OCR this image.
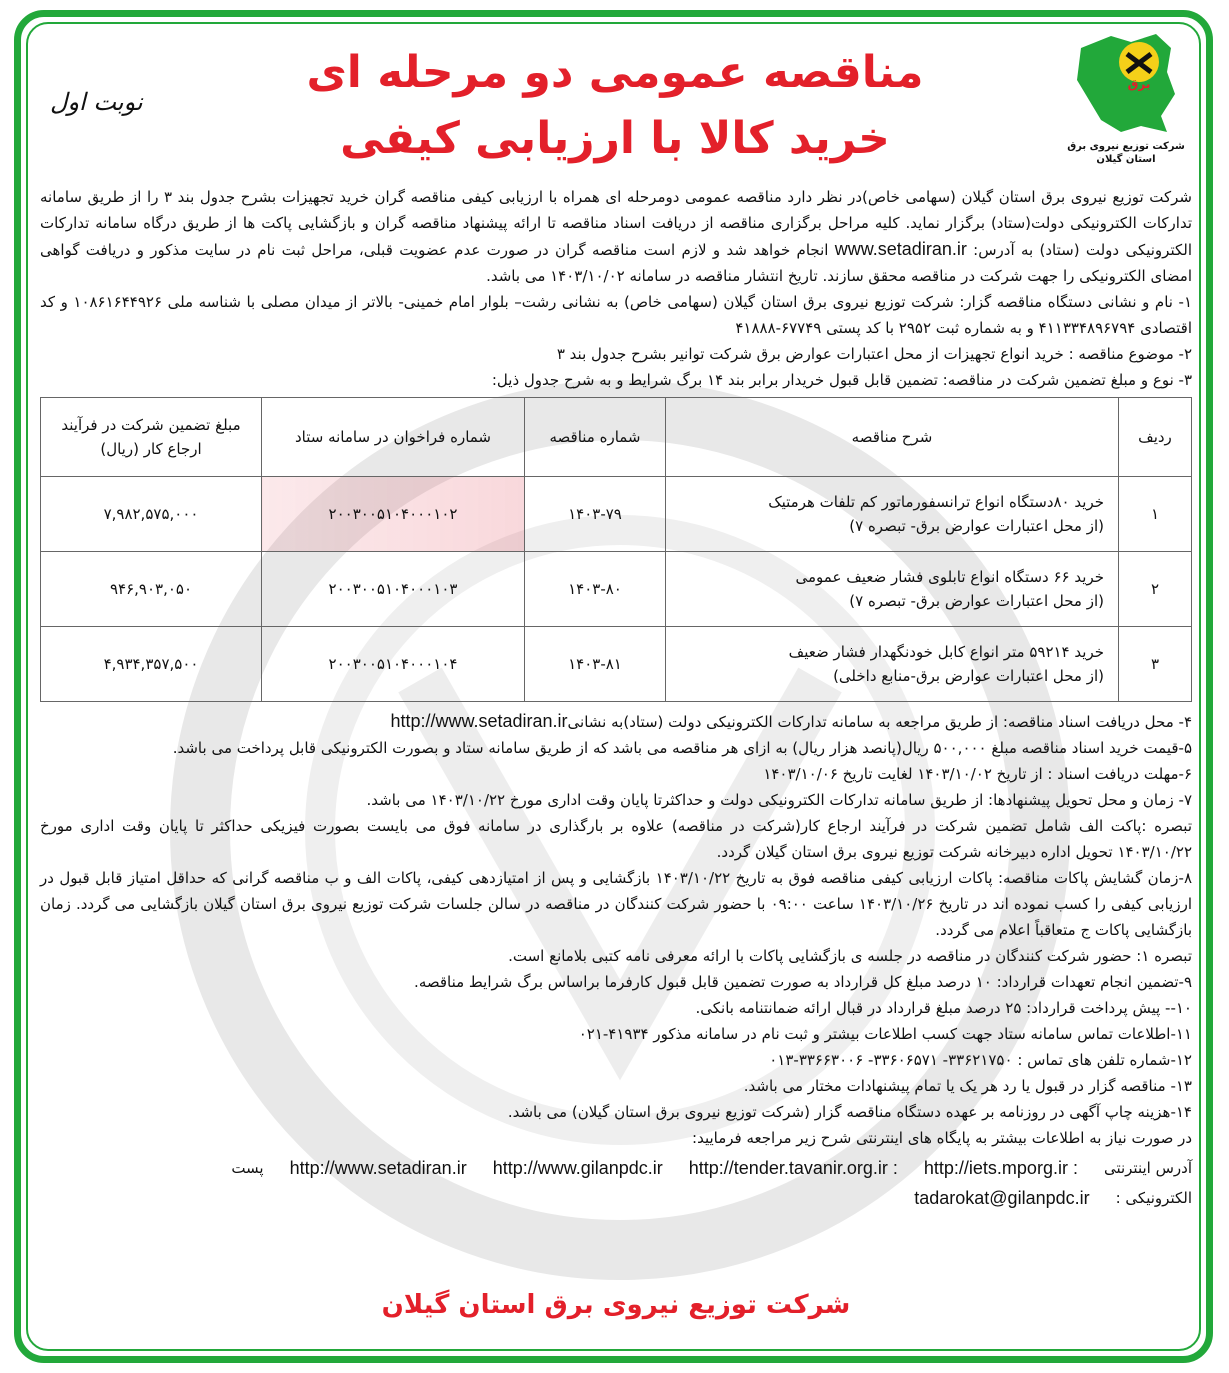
مناقصه عمومی دو مرحله ای
خرید کالا با ارزیابی کیفی
نوبت اول
برق
شرکت توزیع نیروی برق
استان گیلان

شرکت توزیع نیروی برق استان گیلان (سهامی خاص)در نظر دارد مناقصه عمومی دومرحله ای همراه با ارزیابی کیفی مناقصه گران خرید تجهیزات بشرح جدول بند ۳ را از طریق سامانه تدارکات الکترونیکی دولت(ستاد) برگزار نماید. کلیه مراحل برگزاری مناقصه از دریافت اسناد مناقصه تا ارائه پیشنهاد مناقصه گران و بازگشایی پاکت ها از طریق درگاه سامانه تدارکات الکترونیکی دولت (ستاد) به آدرس: www.setadiran.ir انجام خواهد شد و لازم است مناقصه گران در صورت عدم عضویت قبلی، مراحل ثبت نام در سایت مذکور و دریافت گواهی امضای الکترونیکی را جهت شرکت در مناقصه محقق سازند. تاریخ انتشار مناقصه در سامانه ۱۴۰۳/۱۰/۰۲ می باشد.

۱- نام و نشانی دستگاه مناقصه گزار: شرکت توزیع نیروی برق استان گیلان (سهامی خاص) به نشانی رشت– بلوار امام خمینی- بالاتر از میدان مصلی با شناسه ملی ۱۰۸۶۱۶۴۴۹۲۶ و کد اقتصادی ۴۱۱۳۳۴۸۹۶۷۹۴ و به شماره ثبت ۲۹۵۲ با کد پستی ۶۷۷۴۹-۴۱۸۸۸

۲- موضوع مناقصه : خرید انواع تجهیزات از محل اعتبارات عوارض برق شرکت توانیر بشرح جدول بند ۳

۳- نوع و مبلغ تضمین شرکت در مناقصه: تضمین قابل قبول خریدار برابر بند ۱۴ برگ شرایط و به شرح جدول ذیل:

ردیف	شرح مناقصه	شماره مناقصه	شماره فراخوان در سامانه ستاد	مبلغ تضمین شرکت در فرآیند ارجاع کار (ریال)
۱	خرید ۸۰دستگاه انواع ترانسفورماتور کم تلفات هرمتیک
(از محل اعتبارات عوارض برق- تبصره ۷)	۱۴۰۳-۷۹	۲۰۰۳۰۰۵۱۰۴۰۰۰۱۰۲	۷,۹۸۲,۵۷۵,۰۰۰
۲	خرید ۶۶ دستگاه انواع تابلوی فشار ضعیف عمومی
(از محل اعتبارات عوارض برق- تبصره ۷)	۱۴۰۳-۸۰	۲۰۰۳۰۰۵۱۰۴۰۰۰۱۰۳	۹۴۶,۹۰۳,۰۵۰
۳	خرید ۵۹۲۱۴ متر انواع کابل خودنگهدار فشار ضعیف
(از محل اعتبارات عوارض برق-منابع داخلی)	۱۴۰۳-۸۱	۲۰۰۳۰۰۵۱۰۴۰۰۰۱۰۴	۴,۹۳۴,۳۵۷,۵۰۰

۴- محل دریافت اسناد مناقصه: از طریق مراجعه به سامانه تدارکات الکترونیکی دولت (ستاد)به نشانیhttp://www.setadiran.ir

۵-قیمت خرید اسناد مناقصه مبلغ ۵۰۰,۰۰۰ ریال(پانصد هزار ریال) به ازای هر مناقصه می باشد که از طریق سامانه ستاد و بصورت الکترونیکی قابل پرداخت می باشد.

۶-مهلت دریافت اسناد : از تاریخ ۱۴۰۳/۱۰/۰۲ لغایت تاریخ ۱۴۰۳/۱۰/۰۶

۷- زمان و محل تحویل پیشنهادها: از طریق سامانه تدارکات الکترونیکی دولت و حداکثرتا پایان وقت اداری مورخ ۱۴۰۳/۱۰/۲۲ می باشد.

تبصره :پاکت الف شامل تضمین شرکت در فرآیند ارجاع کار(شرکت در مناقصه) علاوه بر بارگذاری در سامانه فوق می بایست بصورت فیزیکی حداکثر تا پایان وقت اداری مورخ ۱۴۰۳/۱۰/۲۲ تحویل اداره دبیرخانه شرکت توزیع نیروی برق استان گیلان گردد.

۸-زمان گشایش پاکات مناقصه: پاکات ارزیابی کیفی مناقصه فوق به تاریخ ۱۴۰۳/۱۰/۲۲ بازگشایی و پس از امتیازدهی کیفی، پاکات الف و ب مناقصه گرانی که حداقل امتیاز قابل قبول در ارزیابی کیفی را کسب نموده اند در تاریخ ۱۴۰۳/۱۰/۲۶ ساعت ۰۹:۰۰ با حضور شرکت کنندگان در مناقصه در سالن جلسات شرکت توزیع نیروی برق استان گیلان بازگشایی می گردد. زمان بازگشایی پاکات ج متعاقباً اعلام می گردد.

تبصره ۱: حضور شرکت کنندگان در مناقصه در جلسه ی بازگشایی پاکات با ارائه معرفی نامه کتبی بلامانع است.

۹-تضمین انجام تعهدات قرارداد: ۱۰ درصد مبلغ کل قرارداد به صورت تضمین قابل قبول کارفرما براساس برگ شرایط مناقصه.

۱۰-- پیش پرداخت قرارداد: ۲۵ درصد مبلغ قرارداد در قبال ارائه ضمانتنامه بانکی.

۱۱-اطلاعات تماس سامانه ستاد جهت کسب اطلاعات بیشتر و ثبت نام در سامانه مذکور ۴۱۹۳۴-۰۲۱

۱۲-شماره تلفن های تماس : ۳۳۶۲۱۷۵۰- ۳۳۶۰۶۵۷۱- ۳۳۶۶۳۰۰۶-۰۱۳

۱۳- مناقصه گزار در قبول یا رد هر یک یا تمام پیشنهادات مختار می باشد.

۱۴-هزینه چاپ آگهی در روزنامه بر عهده دستگاه مناقصه گزار (شرکت توزیع نیروی برق استان گیلان) می باشد.

در صورت نیاز به اطلاعات بیشتر به پایگاه های اینترنتی شرح زیر مراجعه فرمایید:

آدرس اینترنتی
http://iets.mporg.ir :
http://tender.tavanir.org.ir :
http://www.gilanpdc.ir
http://www.setadiran.ir
پست
الکترونیکی :
tadarokat@gilanpdc.ir
شرکت توزیع نیروی برق استان گیلان
